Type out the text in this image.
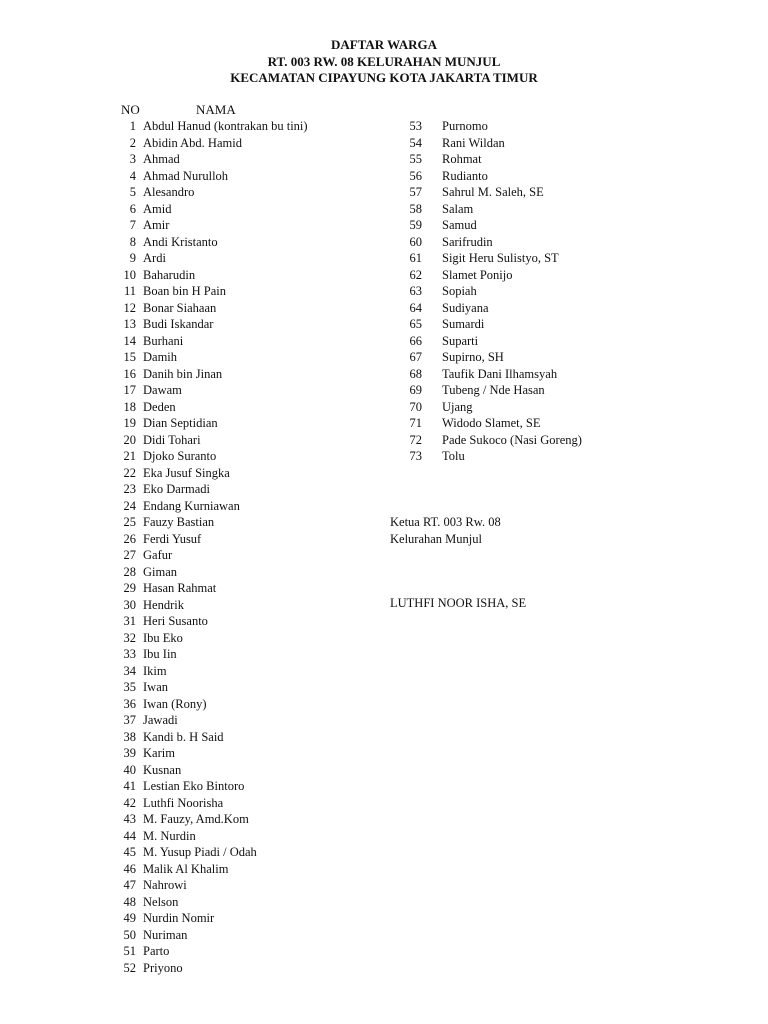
DAFTAR WARGA
RT. 003 RW. 08 KELURAHAN MUNJUL
KECAMATAN CIPAYUNG KOTA JAKARTA TIMUR
NO	NAMA
1 Abdul Hanud (kontrakan bu tini)
2 Abidin Abd. Hamid
3 Ahmad
4 Ahmad Nurulloh
5 Alesandro
6 Amid
7 Amir
8 Andi Kristanto
9 Ardi
10 Baharudin
11 Boan bin H Pain
12 Bonar Siahaan
13 Budi Iskandar
14 Burhani
15 Damih
16 Danih bin Jinan
17 Dawam
18 Deden
19 Dian Septidian
20 Didi Tohari
21 Djoko Suranto
22 Eka Jusuf Singka
23 Eko Darmadi
24 Endang Kurniawan
25 Fauzy Bastian
26 Ferdi Yusuf
27 Gafur
28 Giman
29 Hasan Rahmat
30 Hendrik
31 Heri Susanto
32 Ibu Eko
33 Ibu Iin
34 Ikim
35 Iwan
36 Iwan (Rony)
37 Jawadi
38 Kandi b. H Said
39 Karim
40 Kusnan
41 Lestian Eko Bintoro
42 Luthfi Noorisha
43 M. Fauzy, Amd.Kom
44 M. Nurdin
45 M. Yusup Piadi / Odah
46 Malik Al Khalim
47 Nahrowi
48 Nelson
49 Nurdin Nomir
50 Nuriman
51 Parto
52 Priyono
53 Purnomo
54 Rani Wildan
55 Rohmat
56 Rudianto
57 Sahrul M. Saleh, SE
58 Salam
59 Samud
60 Sarifrudin
61 Sigit Heru Sulistyo, ST
62 Slamet Ponijo
63 Sopiah
64 Sudiyana
65 Sumardi
66 Suparti
67 Supirno, SH
68 Taufik Dani Ilhamsyah
69 Tubeng / Nde Hasan
70 Ujang
71 Widodo Slamet, SE
72 Pade Sukoco (Nasi Goreng)
73 Tolu
Ketua RT. 003 Rw. 08
Kelurahan Munjul
LUTHFI NOOR ISHA, SE
